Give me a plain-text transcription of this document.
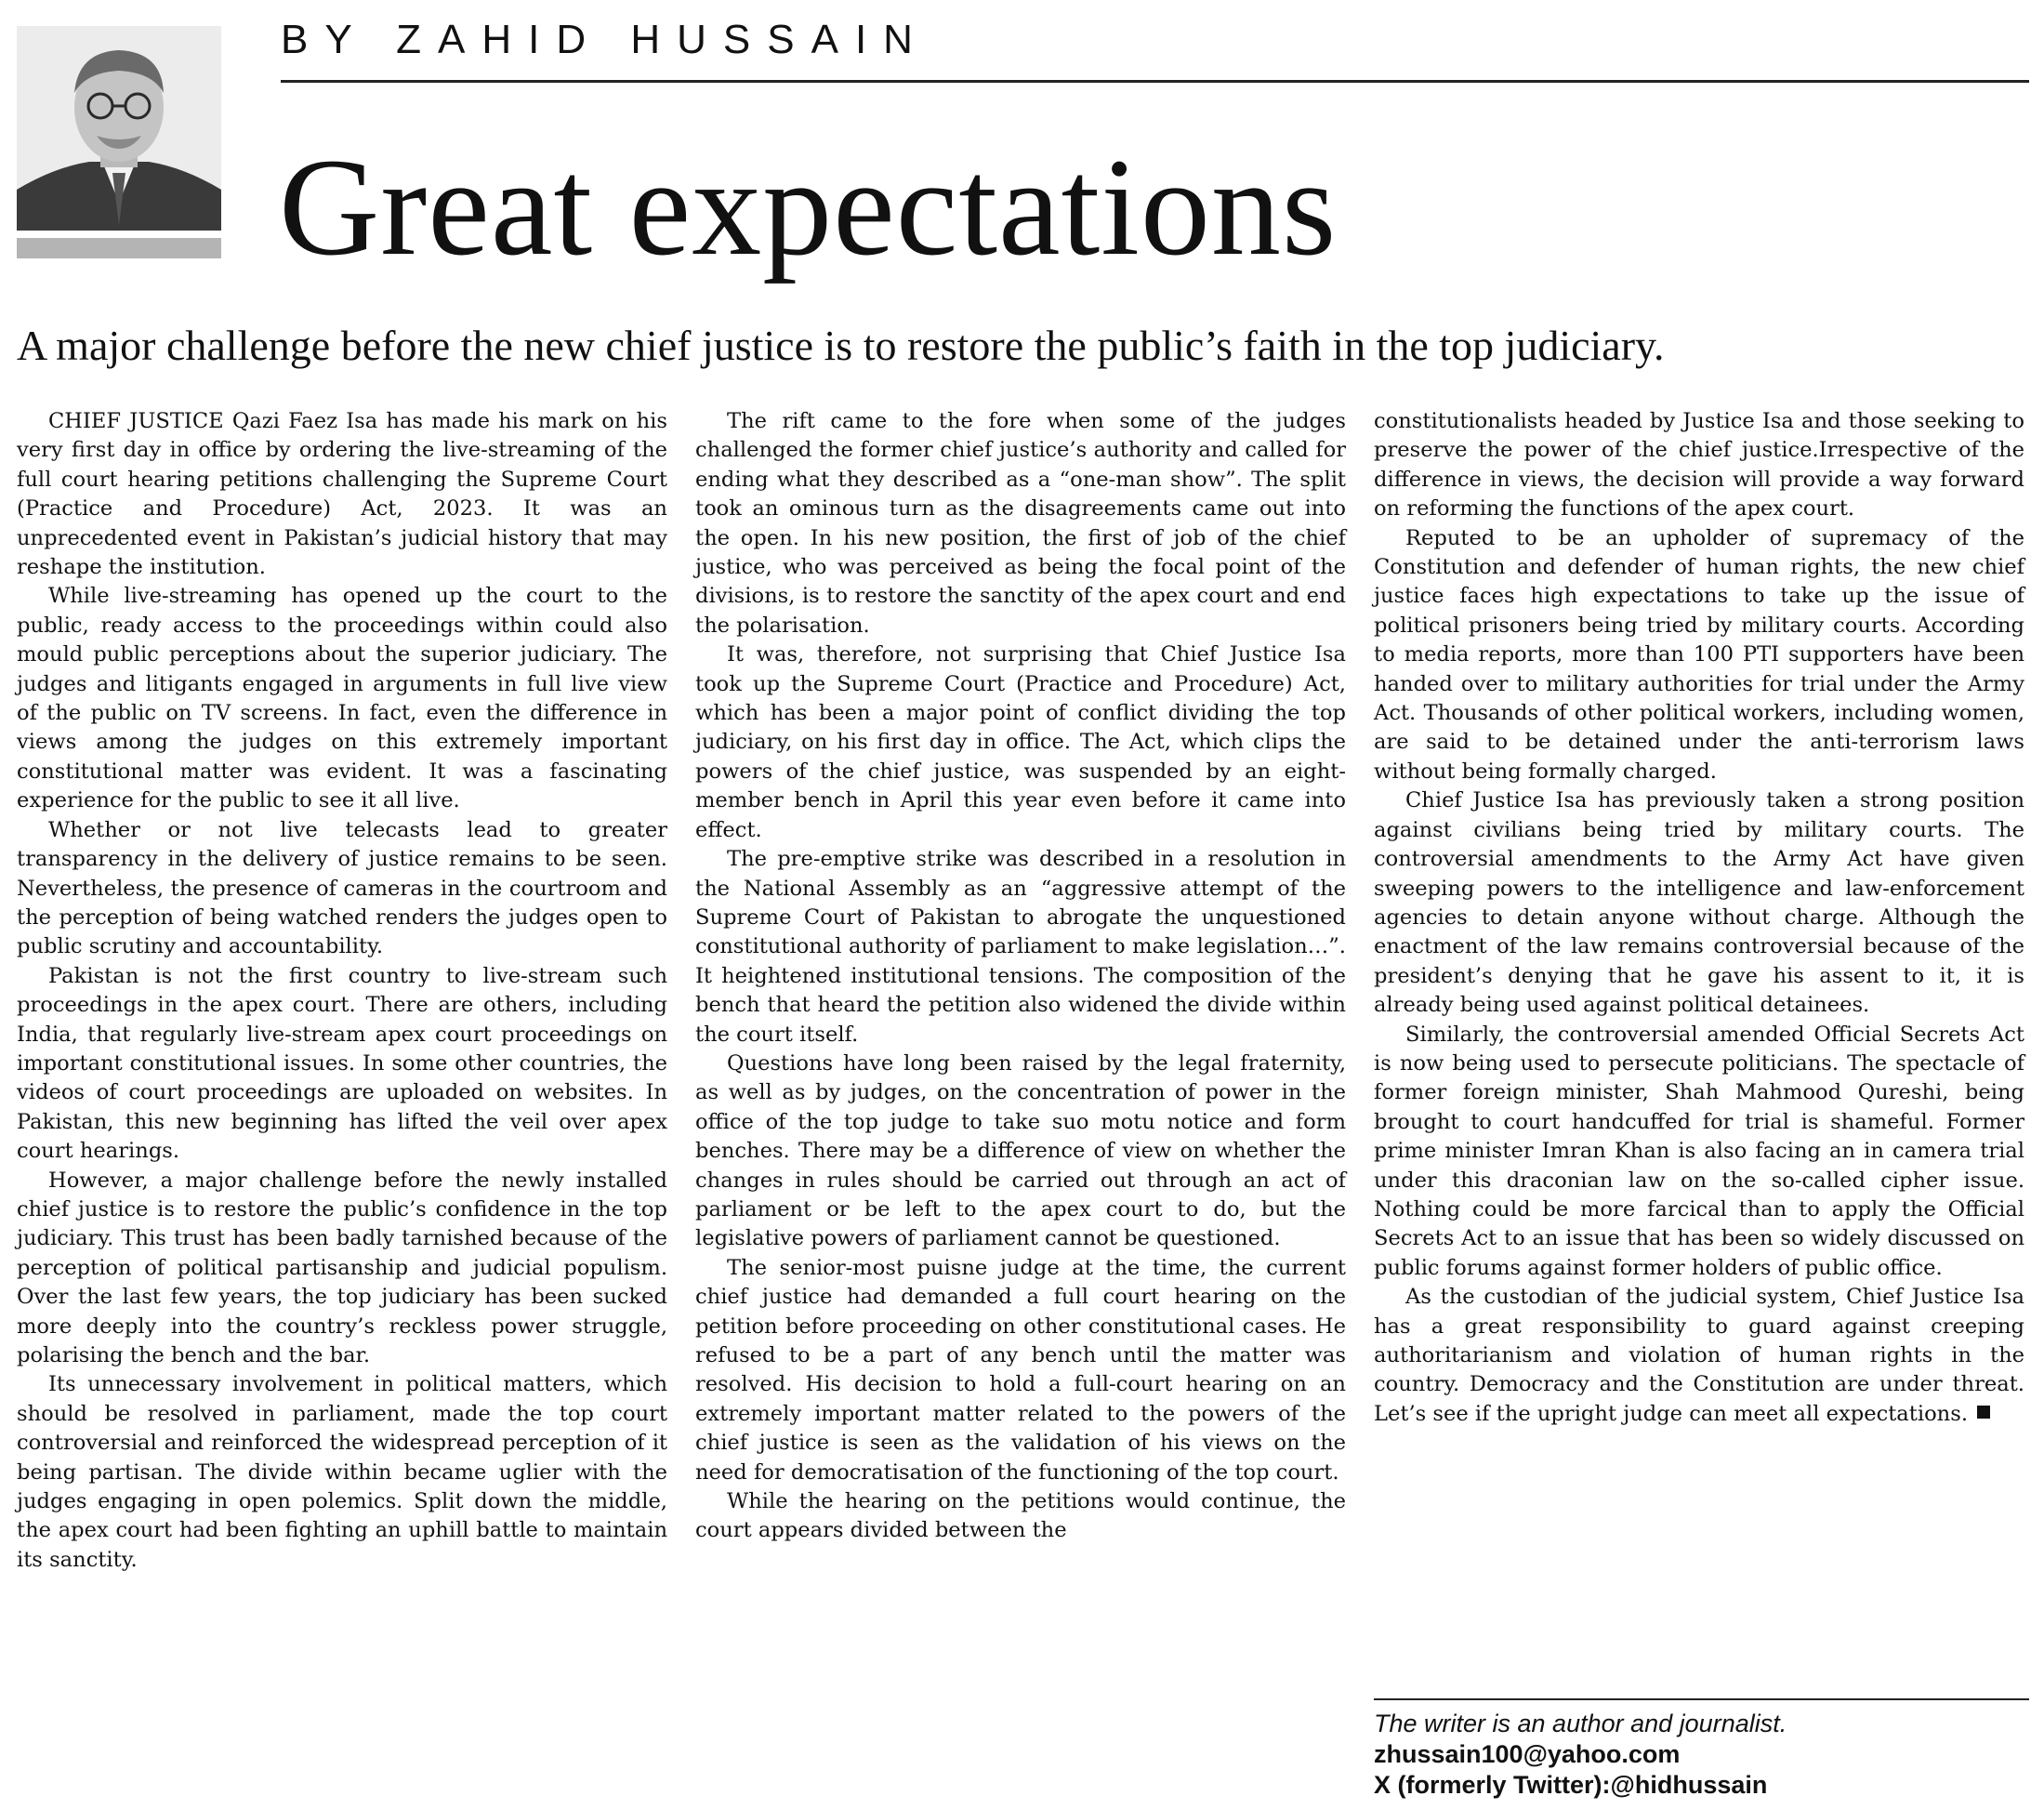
BY ZAHID HUSSAIN
Great expectations
A major challenge before the new chief justice is to restore the public’s faith in the top judiciary.

CHIEF JUSTICE Qazi Faez Isa has made his mark on his very first day in office by ordering the live-streaming of the full court hearing petitions challenging the Supreme Court (Practice and Procedure) Act, 2023. It was an unprecedented event in Pakistan’s judicial history that may reshape the institution.

While live-streaming has opened up the court to the public, ready access to the proceedings within could also mould public perceptions about the superior judiciary. The judges and litigants engaged in arguments in full live view of the public on TV screens. In fact, even the difference in views among the judges on this extremely important constitutional matter was evident. It was a fascinating experience for the public to see it all live.

Whether or not live telecasts lead to greater transparency in the delivery of justice remains to be seen. Nevertheless, the presence of cameras in the courtroom and the perception of being watched renders the judges open to public scrutiny and accountability.

Pakistan is not the first country to live-stream such proceedings in the apex court. There are others, including India, that regularly live-stream apex court proceedings on important constitutional issues. In some other countries, the videos of court proceedings are uploaded on websites. In Pakistan, this new beginning has lifted the veil over apex court hearings.

However, a major challenge before the newly installed chief justice is to restore the public’s confidence in the top judiciary. This trust has been badly tarnished because of the perception of political partisanship and judicial populism. Over the last few years, the top judiciary has been sucked more deeply into the country’s reckless power struggle, polarising the bench and the bar.

Its unnecessary involvement in political matters, which should be resolved in parliament, made the top court controversial and reinforced the widespread perception of it being partisan. The divide within became uglier with the judges engaging in open polemics. Split down the middle, the apex court had been fighting an uphill battle to maintain its sanctity.

The rift came to the fore when some of the judges challenged the former chief justice’s authority and called for ending what they described as a “one-man show”. The split took an ominous turn as the disagreements came out into the open. In his new position, the first of job of the chief justice, who was perceived as being the focal point of the divisions, is to restore the sanctity of the apex court and end the polarisation.

It was, therefore, not surprising that Chief Justice Isa took up the Supreme Court (Practice and Procedure) Act, which has been a major point of conflict dividing the top judiciary, on his first day in office. The Act, which clips the powers of the chief justice, was suspended by an eight-member bench in April this year even before it came into effect.

The pre-emptive strike was described in a resolution in the National Assembly as an “aggressive attempt of the Supreme Court of Pakistan to abrogate the unquestioned constitutional authority of parliament to make legislation…”. It heightened institutional tensions. The composition of the bench that heard the petition also widened the divide within the court itself.

Questions have long been raised by the legal fraternity, as well as by judges, on the concentration of power in the office of the top judge to take suo motu notice and form benches. There may be a difference of view on whether the changes in rules should be carried out through an act of parliament or be left to the apex court to do, but the legislative powers of parliament cannot be questioned.

The senior-most puisne judge at the time, the current chief justice had demanded a full court hearing on the petition before proceeding on other constitutional cases. He refused to be a part of any bench until the matter was resolved. His decision to hold a full-court hearing on an extremely important matter related to the powers of the chief justice is seen as the validation of his views on the need for democratisation of the functioning of the top court.

While the hearing on the petitions would continue, the court appears divided between the

constitutionalists headed by Justice Isa and those seeking to preserve the power of the chief justice.Irrespective of the difference in views, the decision will provide a way forward on reforming the functions of the apex court.

Reputed to be an upholder of supremacy of the Constitution and defender of human rights, the new chief justice faces high expectations to take up the issue of political prisoners being tried by military courts. According to media reports, more than 100 PTI supporters have been handed over to military authorities for trial under the Army Act. Thousands of other political workers, including women, are said to be detained under the anti-terrorism laws without being formally charged.

Chief Justice Isa has previously taken a strong position against civilians being tried by military courts. The controversial amendments to the Army Act have given sweeping powers to the intelligence and law-enforcement agencies to detain anyone without charge. Although the enactment of the law remains controversial because of the president’s denying that he gave his assent to it, it is already being used against political detainees.

Similarly, the controversial amended Official Secrets Act is now being used to persecute politicians. The spectacle of former foreign minister, Shah Mahmood Qureshi, being brought to court handcuffed for trial is shameful. Former prime minister Imran Khan is also facing an in camera trial under this draconian law on the so-called cipher issue. Nothing could be more farcical than to apply the Official Secrets Act to an issue that has been so widely discussed on public forums against former holders of public office.

As the custodian of the judicial system, Chief Justice Isa has a great responsibility to guard against creeping authoritarianism and violation of human rights in the country. Democracy and the Constitution are under threat. Let’s see if the upright judge can meet all expectations.

The writer is an author and journalist.
zhussain100@yahoo.com
X (formerly Twitter):@hidhussain
